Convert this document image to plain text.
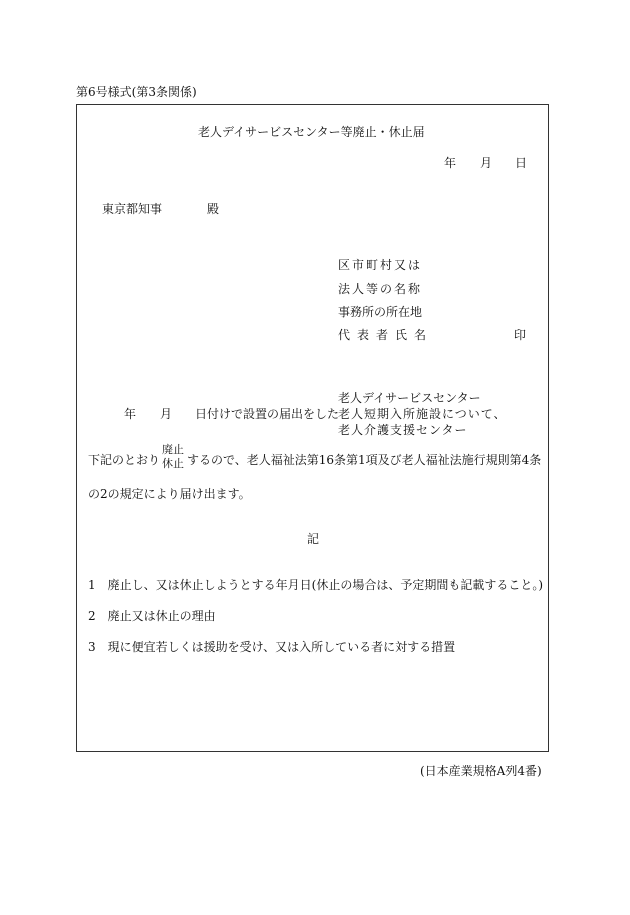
第6号様式(第3条関係)
老人デイサービスセンター等廃止・休止届
年 月 日
東京都知事	殿
区市町村又は
法人等の名称
事務所の所在地
代表者氏名	印
老人デイサービスセンター
年 月 日付けで設置の届出をした
老人短期入所施設について、
老人介護支援センター
下記のとおり
廃止
休止 するので、老人福祉法第16条第1項及び老人福祉法施行規則第4条
の2の規定により届け出ます。
記
1 廃止し、又は休止しようとする年月日(休止の場合は、予定期間も記載すること。)
2 廃止又は休止の理由
3 現に便宜若しくは援助を受け、又は入所している者に対する措置
(日本産業規格A列4番)
